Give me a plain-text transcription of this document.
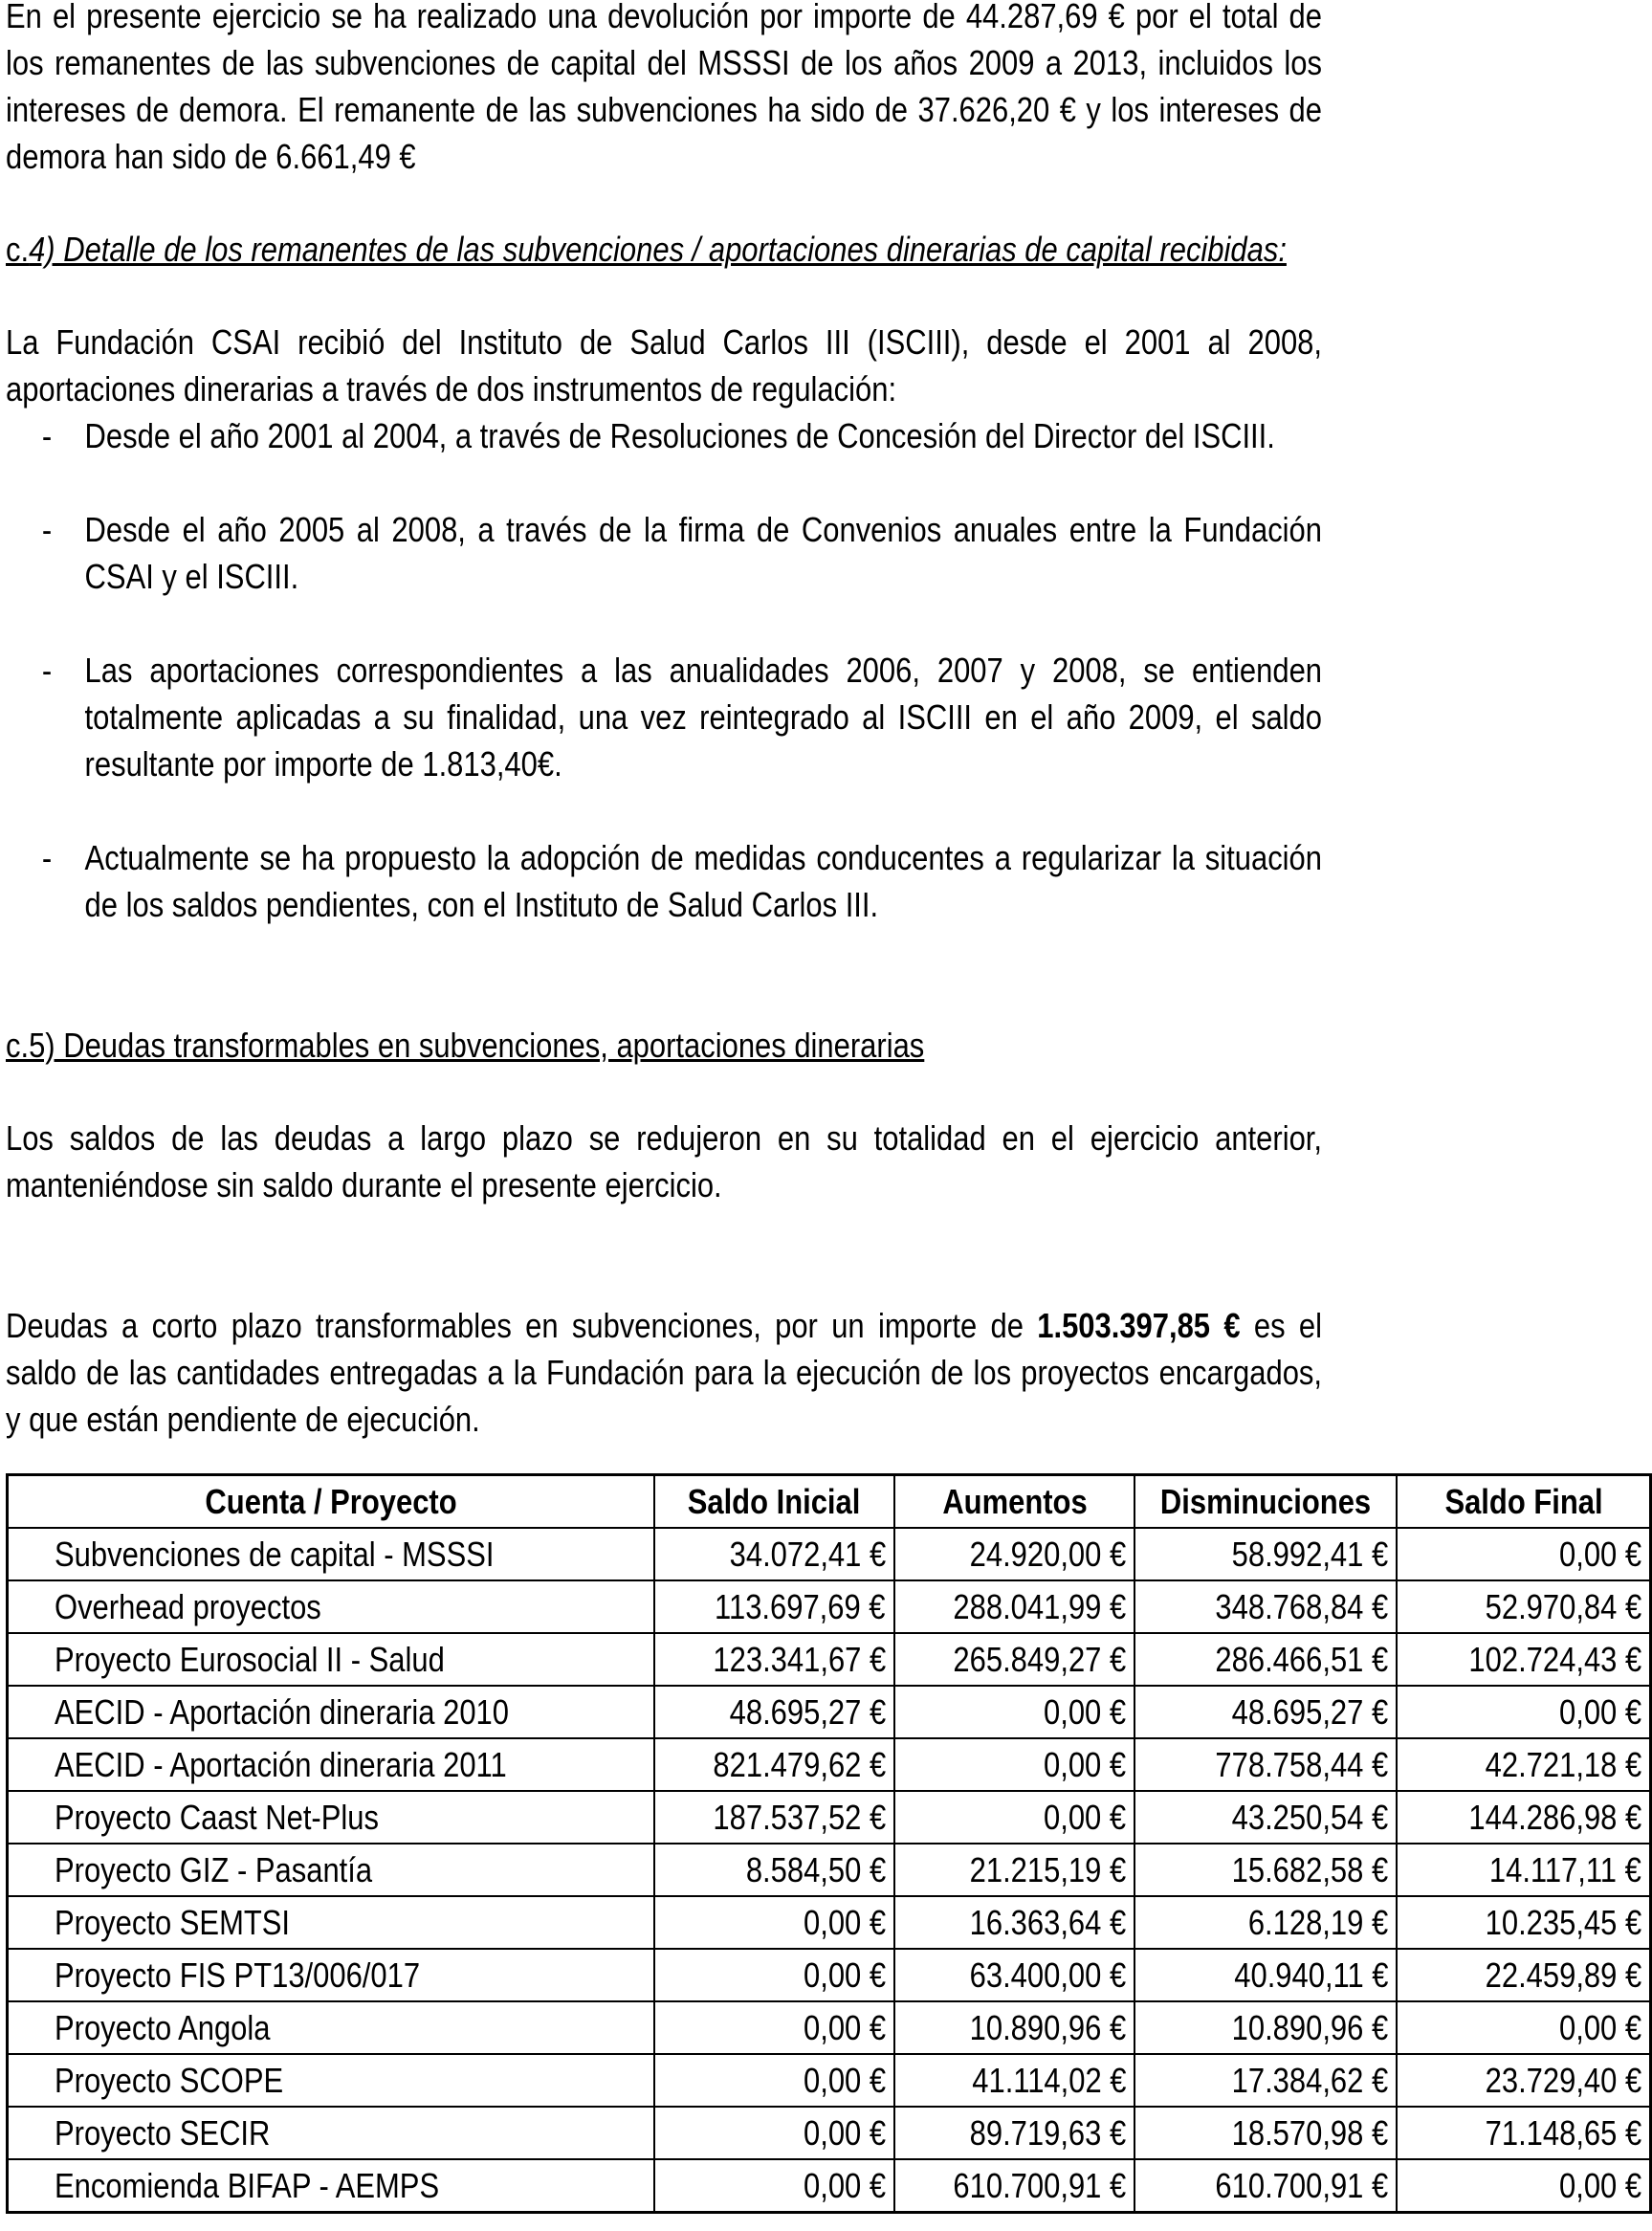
En el presente ejercicio se ha realizado una devolución por importe de 44.287,69 € por el total de los remanentes de las subvenciones de capital del MSSSI de los años 2009 a 2013, incluidos los intereses de demora. El remanente de las subvenciones ha sido de 37.626,20 € y los intereses de demora han sido de 6.661,49 €

c.4) Detalle de los remanentes de las subvenciones / aportaciones dinerarias de capital recibidas:

La Fundación CSAI recibió del Instituto de Salud Carlos III (ISCIII), desde el 2001 al 2008, aportaciones dinerarias a través de dos instrumentos de regulación:

- Desde el año 2001 al 2004, a través de Resoluciones de Concesión del Director del ISCIII.
- Desde el año 2005 al 2008, a través de la firma de Convenios anuales entre la Fundación CSAI y el ISCIII.
- Las aportaciones correspondientes a las anualidades 2006, 2007 y 2008, se entienden totalmente aplicadas a su finalidad, una vez reintegrado al ISCIII en el año 2009, el saldo resultante por importe de 1.813,40€.
- Actualmente se ha propuesto la adopción de medidas conducentes a regularizar la situación de los saldos pendientes, con el Instituto de Salud Carlos III.

c.5) Deudas transformables en subvenciones, aportaciones dinerarias

Los saldos de las deudas a largo plazo se redujeron en su totalidad en el ejercicio anterior, manteniéndose sin saldo durante el presente ejercicio.

Deudas a corto plazo transformables en subvenciones, por un importe de 1.503.397,85 € es el saldo de las cantidades entregadas a la Fundación para la ejecución de los proyectos encargados, y que están pendiente de ejecución.

Cuenta / Proyecto	Saldo Inicial	Aumentos	Disminuciones	Saldo Final
Subvenciones de capital - MSSSI	34.072,41 €	24.920,00 €	58.992,41 €	0,00 €
Overhead proyectos	113.697,69 €	288.041,99 €	348.768,84 €	52.970,84 €
Proyecto Eurosocial II - Salud	123.341,67 €	265.849,27 €	286.466,51 €	102.724,43 €
AECID - Aportación dineraria 2010	48.695,27 €	0,00 €	48.695,27 €	0,00 €
AECID - Aportación dineraria 2011	821.479,62 €	0,00 €	778.758,44 €	42.721,18 €
Proyecto Caast Net-Plus	187.537,52 €	0,00 €	43.250,54 €	144.286,98 €
Proyecto GIZ - Pasantía	8.584,50 €	21.215,19 €	15.682,58 €	14.117,11 €
Proyecto SEMTSI	0,00 €	16.363,64 €	6.128,19 €	10.235,45 €
Proyecto FIS PT13/006/017	0,00 €	63.400,00 €	40.940,11 €	22.459,89 €
Proyecto Angola	0,00 €	10.890,96 €	10.890,96 €	0,00 €
Proyecto SCOPE	0,00 €	41.114,02 €	17.384,62 €	23.729,40 €
Proyecto SECIR	0,00 €	89.719,63 €	18.570,98 €	71.148,65 €
Encomienda BIFAP - AEMPS	0,00 €	610.700,91 €	610.700,91 €	0,00 €
